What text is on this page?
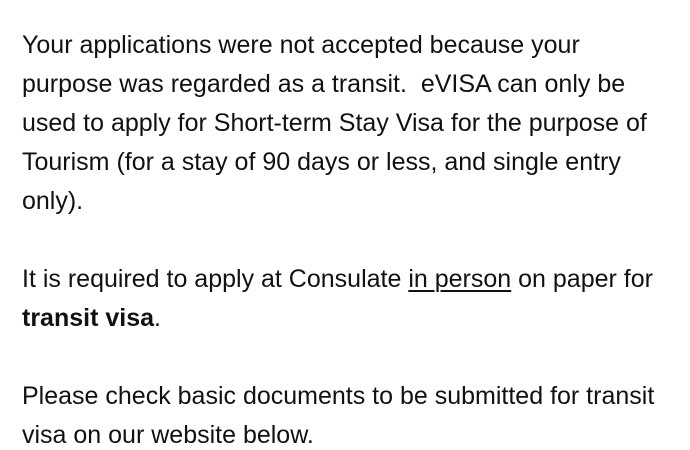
Your applications were not accepted because your purpose was regarded as a transit.  eVISA can only be used to apply for Short-term Stay Visa for the purpose of Tourism (for a stay of 90 days or less, and single entry only).

It is required to apply at Consulate in person on paper for transit visa.

Please check basic documents to be submitted for transit visa on our website below.
